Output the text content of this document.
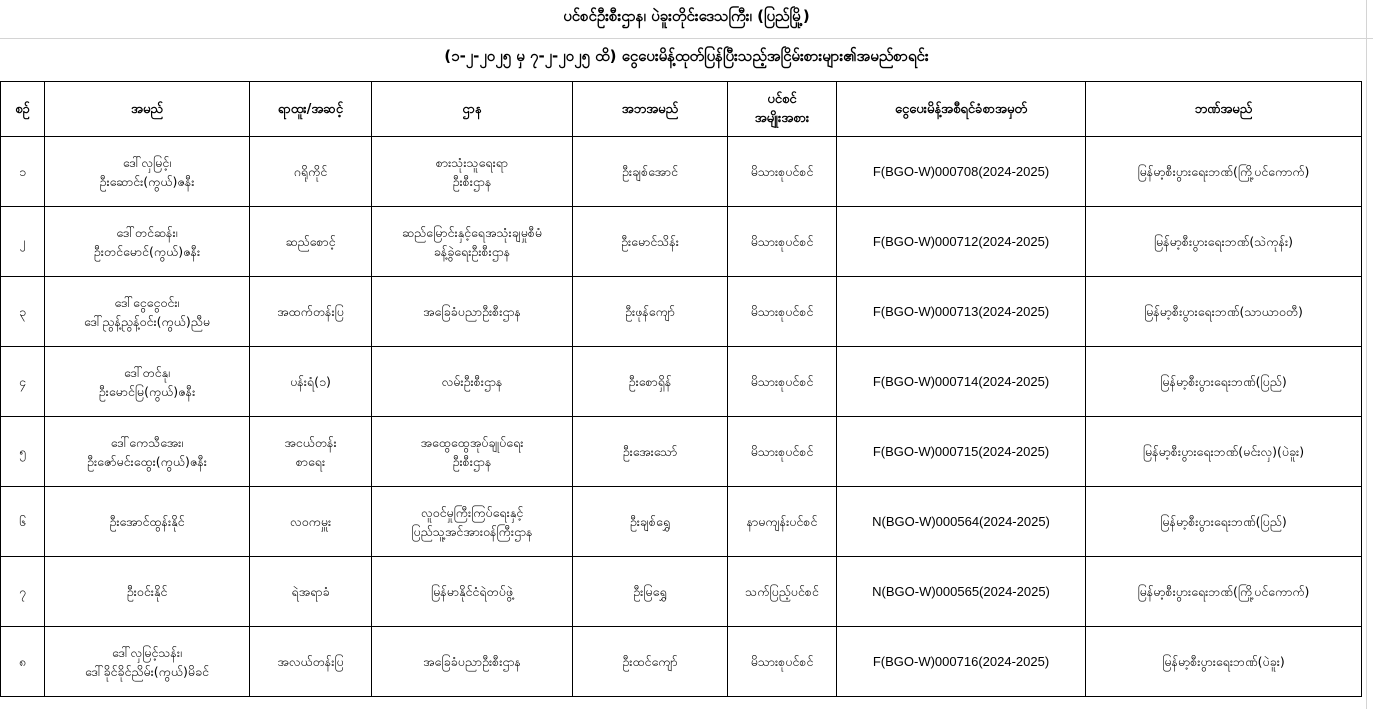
ပင်စင်ဦးစီးဌာန၊ ပဲခူးတိုင်းဒေသကြီး၊ (ပြည်မြို့)
(၁-၂-၂၀၂၅ မှ ၇-၂-၂၀၂၅ ထိ) ငွေပေးမိန့်ထုတ်ပြန်ပြီးသည့်အငြိမ်းစားများ၏အမည်စာရင်း
စဉ်	အမည်	ရာထူး/အဆင့်	ဌာန	အဘအမည်	ပင်စင်
အမျိုးအစား	ငွေပေးမိန့်အစီရင်ခံစာအမှတ်	ဘဏ်အမည်

၁	ဒေါ်လှမြင့်၊
ဦးဆောင်း(ကွယ်)ဇနီး	ဂရိုကိုင်	စားသုံးသူရေးရာ
ဦးစီးဌာန	ဦးချစ်အောင်	မိသားစုပင်စင်	F(BGO-W)000708(2024-2025)	မြန်မာ့စီးပွားရေးဘဏ်(ကြို့ပင်ကောက်)
၂	ဒေါ်တင်ဆန်း၊
ဦးတင်မောင်(ကွယ်)ဇနီး	ဆည်စောင့်	ဆည်မြောင်းနှင့်ရေအသုံးချမှုစီမံ
ခန့်ခွဲရေးဦးစီးဌာန	ဦးမောင်သိန်း	မိသားစုပင်စင်	F(BGO-W)000712(2024-2025)	မြန်မာ့စီးပွားရေးဘဏ်(သဲကုန်း)
၃	ဒေါ်ငွေငွေဝင်း၊
ဒေါ်ညွန့်ညွန့်ဝင်း(ကွယ်)ညီမ	အထက်တန်းပြ	အခြေခံပညာဦးစီးဌာန	ဦးဖုန်ကျော်	မိသားစုပင်စင်	F(BGO-W)000713(2024-2025)	မြန်မာ့စီးပွားရေးဘဏ်(သာယာဝတီ)
၄	ဒေါ်တင်နု၊
ဦးမောင်မြ(ကွယ်)ဇနီး	ပန်းရံ(၁)	လမ်းဦးစီးဌာန	ဦးစောရှိန်	မိသားစုပင်စင်	F(BGO-W)000714(2024-2025)	မြန်မာ့စီးပွားရေးဘဏ်(ပြည်)
၅	ဒေါ်ကေသီအေး၊
ဦးဇော်မင်းထွေး(ကွယ်)ဇနီး	အငယ်တန်း
စာရေး	အထွေထွေအုပ်ချုပ်ရေး
ဦးစီးဌာန	ဦးအေးသော်	မိသားစုပင်စင်	F(BGO-W)000715(2024-2025)	မြန်မာ့စီးပွားရေးဘဏ်(မင်းလှ)(ပဲခူး)
၆	ဦးအောင်ထွန်းနိုင်	လဝကမှူး	လူဝင်မှုကြီးကြပ်ရေးနှင့်
ပြည်သူ့အင်အားဝန်ကြီးဌာန	ဦးချစ်ရွှေ	နာမကျန်းပင်စင်	N(BGO-W)000564(2024-2025)	မြန်မာ့စီးပွားရေးဘဏ်(ပြည်)
၇	ဦးဝင်းနိုင်	ရဲအရာခံ	မြန်မာနိုင်ငံရဲတပ်ဖွဲ့	ဦးမြရွှေ	သက်ပြည့်ပင်စင်	N(BGO-W)000565(2024-2025)	မြန်မာ့စီးပွားရေးဘဏ်(ကြို့ပင်ကောက်)
၈	ဒေါ်လှမြင့်သန်း၊
ဒေါ်ခိုင်ခိုင်ညိမ်း(ကွယ်)မိခင်	အလယ်တန်းပြ	အခြေခံပညာဦးစီးဌာန	ဦးထင်ကျော်	မိသားစုပင်စင်	F(BGO-W)000716(2024-2025)	မြန်မာ့စီးပွားရေးဘဏ်(ပဲခူး)
